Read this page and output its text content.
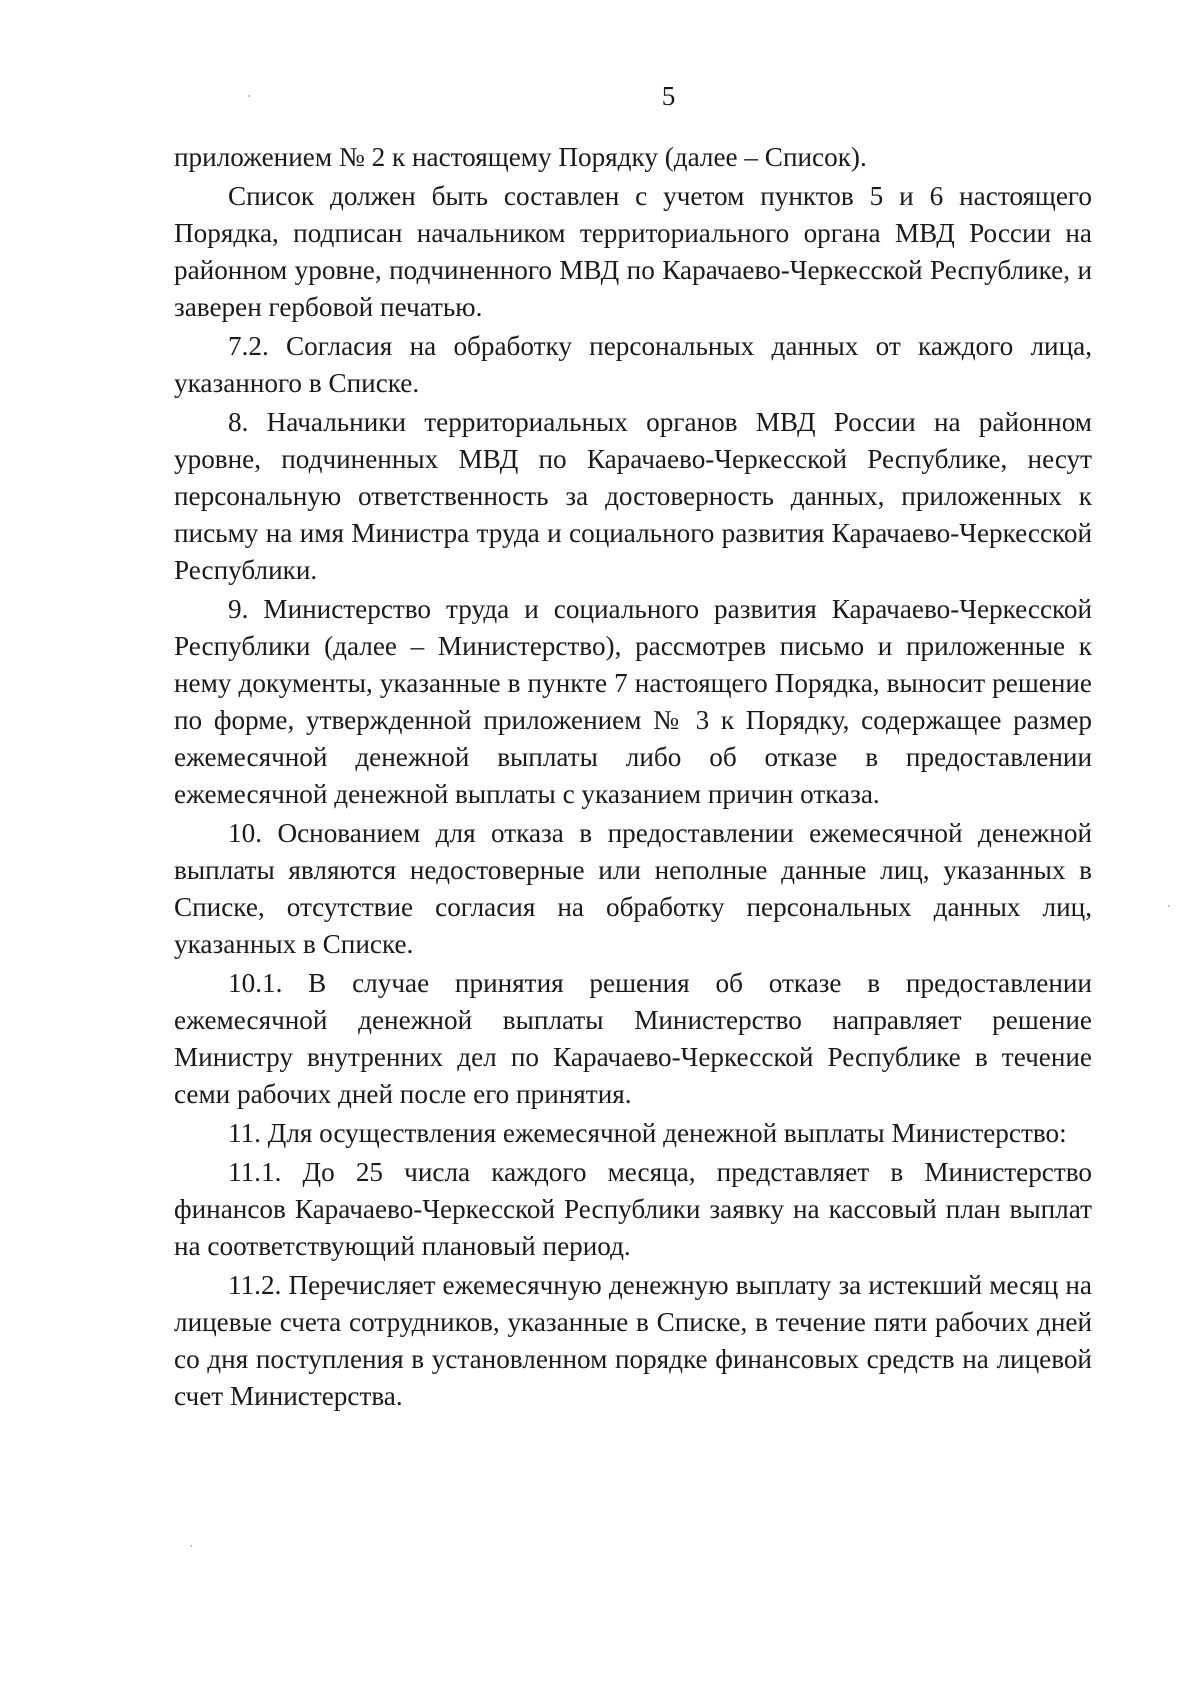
5

приложением № 2 к настоящему Порядку (далее – Список).

Список должен быть составлен с учетом пунктов 5 и 6 настоящего Порядка, подписан начальником территориального органа МВД России на районном уровне, подчиненного МВД по Карачаево-Черкесской Республике, и заверен гербовой печатью.

7.2. Согласия на обработку персональных данных от каждого лица, указанного в Списке.

8. Начальники территориальных органов МВД России на районном уровне, подчиненных МВД по Карачаево-Черкесской Республике, несут персональную ответственность за достоверность данных, приложенных к письму на имя Министра труда и социального развития Карачаево-Черкесской Республики.

9. Министерство труда и социального развития Карачаево-Черкесской Республики (далее – Министерство), рассмотрев письмо и приложенные к нему документы, указанные в пункте 7 настоящего Порядка, выносит решение по форме, утвержденной приложением № 3 к Порядку, содержащее размер ежемесячной денежной выплаты либо об отказе в предоставлении ежемесячной денежной выплаты с указанием причин отказа.

10. Основанием для отказа в предоставлении ежемесячной денежной выплаты являются недостоверные или неполные данные лиц, указанных в Списке, отсутствие согласия на обработку персональных данных лиц, указанных в Списке.

10.1. В случае принятия решения об отказе в предоставлении ежемесячной денежной выплаты Министерство направляет решение Министру внутренних дел по Карачаево-Черкесской Республике в течение семи рабочих дней после его принятия.

11. Для осуществления ежемесячной денежной выплаты Министерство:

11.1. До 25 числа каждого месяца, представляет в Министерство финансов Карачаево-Черкесской Республики заявку на кассовый план выплат на соответствующий плановый период.

11.2. Перечисляет ежемесячную денежную выплату за истекший месяц на лицевые счета сотрудников, указанные в Списке, в течение пяти рабочих дней со дня поступления в установленном порядке финансовых средств на лицевой счет Министерства.
